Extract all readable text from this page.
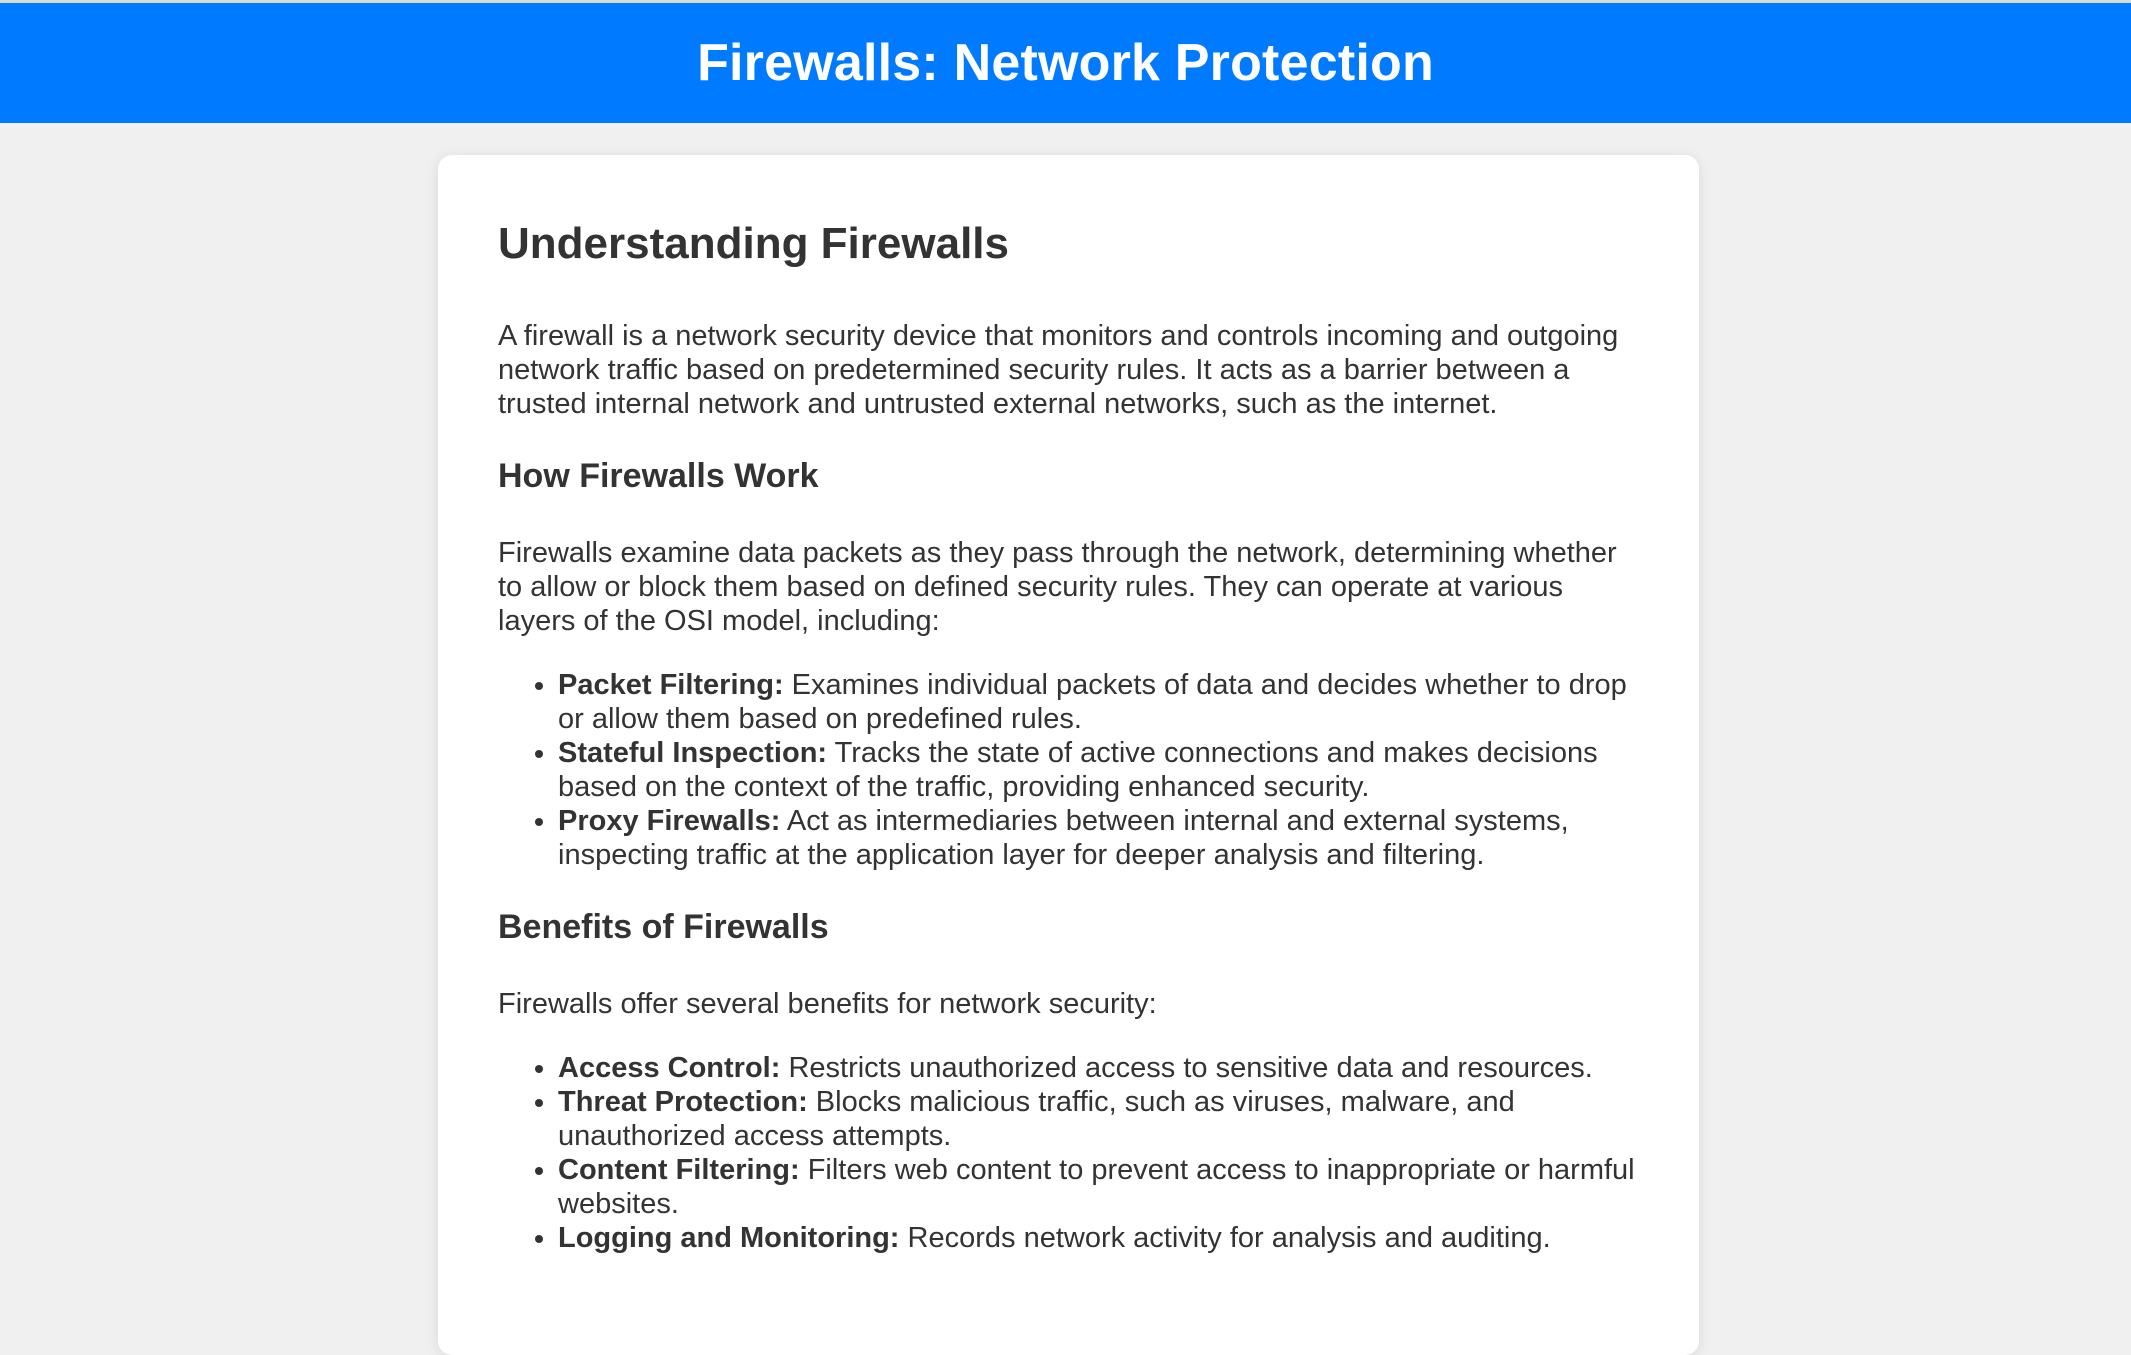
Firewalls: Network Protection
Understanding Firewalls

A firewall is a network security device that monitors and controls incoming and outgoing network traffic based on predetermined security rules. It acts as a barrier between a trusted internal network and untrusted external networks, such as the internet.

How Firewalls Work

Firewalls examine data packets as they pass through the network, determining whether to allow or block them based on defined security rules. They can operate at various layers of the OSI model, including:

• Packet Filtering: Examines individual packets of data and decides whether to drop or allow them based on predefined rules.
• Stateful Inspection: Tracks the state of active connections and makes decisions based on the context of the traffic, providing enhanced security.
• Proxy Firewalls: Act as intermediaries between internal and external systems, inspecting traffic at the application layer for deeper analysis and filtering.
Benefits of Firewalls

Firewalls offer several benefits for network security:

• Access Control: Restricts unauthorized access to sensitive data and resources.
• Threat Protection: Blocks malicious traffic, such as viruses, malware, and unauthorized access attempts.
• Content Filtering: Filters web content to prevent access to inappropriate or harmful websites.
• Logging and Monitoring: Records network activity for analysis and auditing.
